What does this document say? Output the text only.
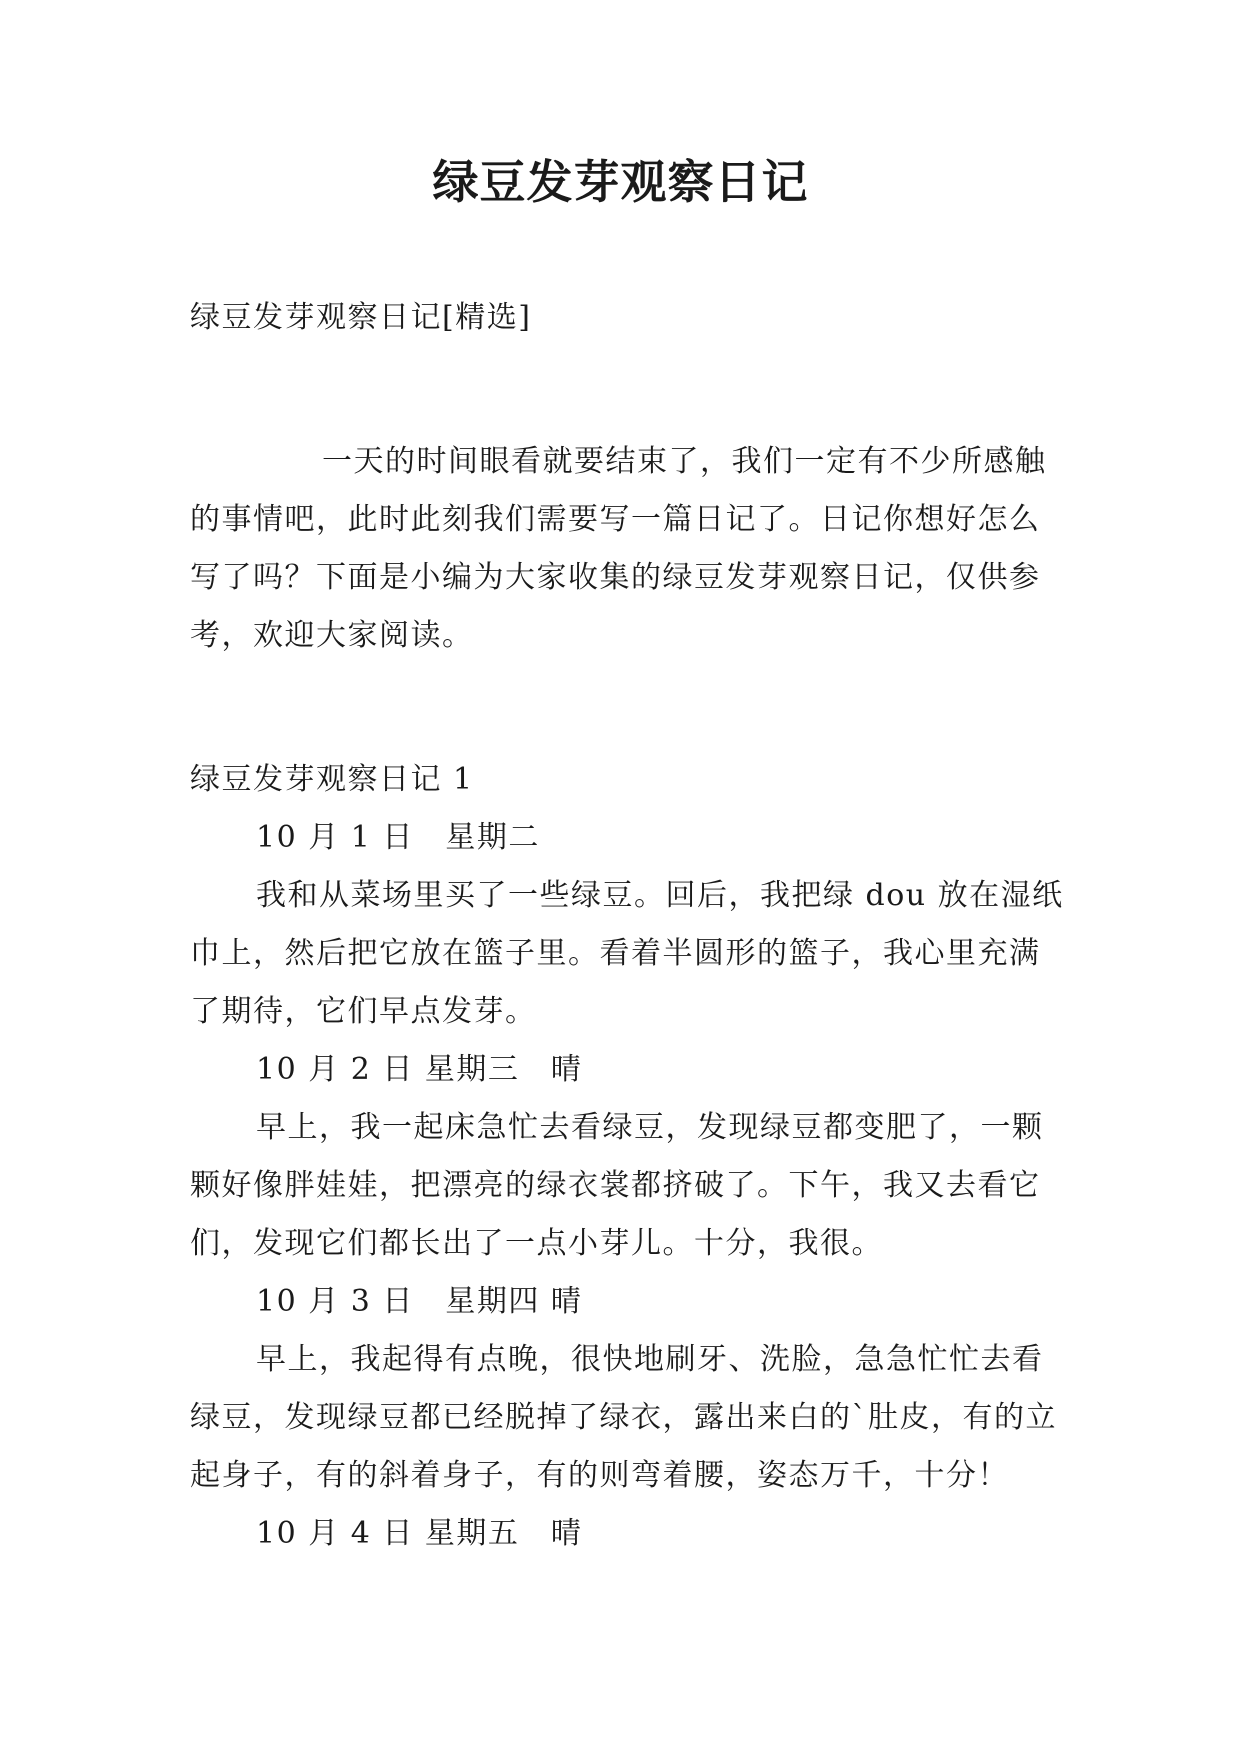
绿豆发芽观察日记

绿豆发芽观察日记[精选]

一天的时间眼看就要结束了，我们一定有不少所感触的事情吧，此时此刻我们需要写一篇日记了。日记你想好怎么写了吗？下面是小编为大家收集的绿豆发芽观察日记，仅供参考，欢迎大家阅读。

绿豆发芽观察日记 1

10 月 1 日　星期二

我和从菜场里买了一些绿豆。回后，我把绿 dou 放在湿纸巾上，然后把它放在篮子里。看着半圆形的篮子，我心里充满了期待，它们早点发芽。

10 月 2 日 星期三　晴

早上，我一起床急忙去看绿豆，发现绿豆都变肥了，一颗颗好像胖娃娃，把漂亮的绿衣裳都挤破了。下午，我又去看它们，发现它们都长出了一点小芽儿。十分，我很。

10 月 3 日　星期四 晴

早上，我起得有点晚，很快地刷牙、洗脸，急急忙忙去看绿豆，发现绿豆都已经脱掉了绿衣，露出来白的`肚皮，有的立起身子，有的斜着身子，有的则弯着腰，姿态万千，十分！

10 月 4 日 星期五　晴
